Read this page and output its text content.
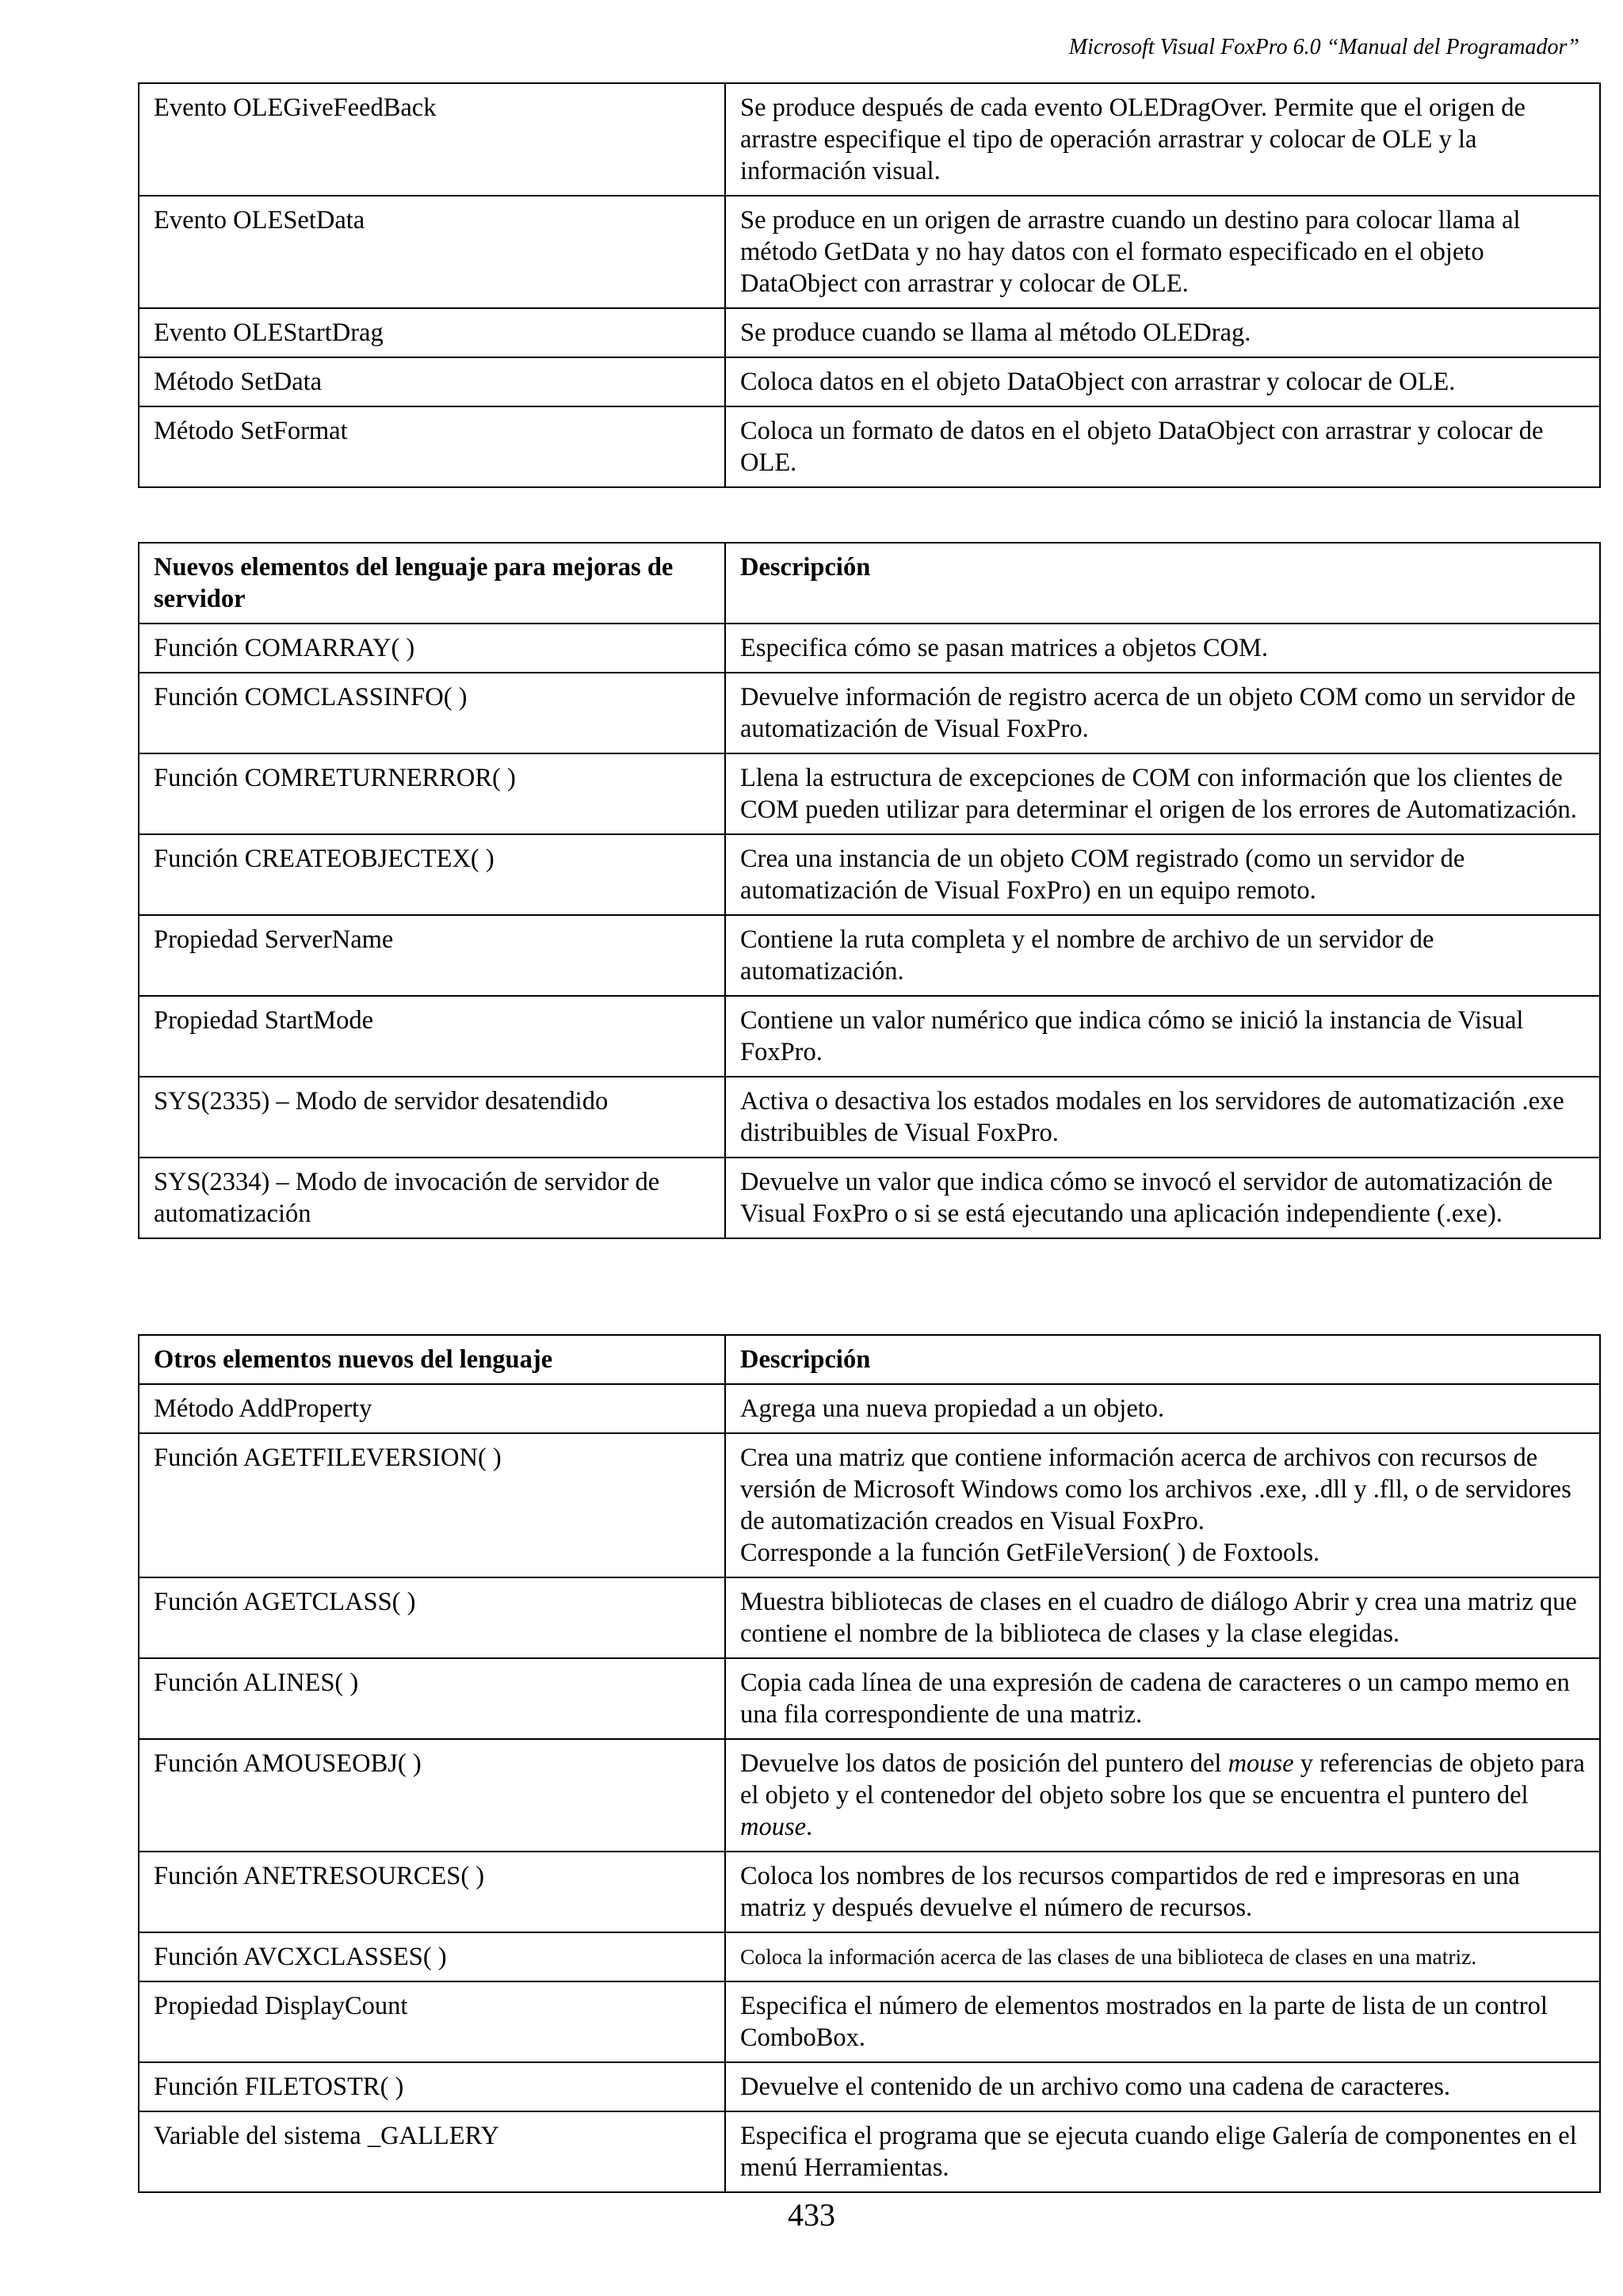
Microsoft Visual FoxPro 6.0 “Manual del Programador”
Evento OLEGiveFeedBack	Se produce después de cada evento OLEDragOver. Permite que el origen de arrastre especifique el tipo de operación arrastrar y colocar de OLE y la información visual.
Evento OLESetData	Se produce en un origen de arrastre cuando un destino para colocar llama al método GetData y no hay datos con el formato especificado en el objeto DataObject con arrastrar y colocar de OLE.
Evento OLEStartDrag	Se produce cuando se llama al método OLEDrag.
Método SetData	Coloca datos en el objeto DataObject con arrastrar y colocar de OLE.
Método SetFormat	Coloca un formato de datos en el objeto DataObject con arrastrar y colocar de OLE.
Nuevos elementos del lenguaje para mejoras de servidor	Descripción
Función COMARRAY( )	Especifica cómo se pasan matrices a objetos COM.
Función COMCLASSINFO( )	Devuelve información de registro acerca de un objeto COM como un servidor de automatización de Visual FoxPro.
Función COMRETURNERROR( )	Llena la estructura de excepciones de COM con información que los clientes de COM pueden utilizar para determinar el origen de los errores de Automatización.
Función CREATEOBJECTEX( )	Crea una instancia de un objeto COM registrado (como un servidor de automatización de Visual FoxPro) en un equipo remoto.
Propiedad ServerName	Contiene la ruta completa y el nombre de archivo de un servidor de automatización.
Propiedad StartMode	Contiene un valor numérico que indica cómo se inició la instancia de Visual FoxPro.
SYS(2335) – Modo de servidor desatendido	Activa o desactiva los estados modales en los servidores de automatización .exe distribuibles de Visual FoxPro.
SYS(2334) – Modo de invocación de servidor de automatización	Devuelve un valor que indica cómo se invocó el servidor de automatización de Visual FoxPro o si se está ejecutando una aplicación independiente (.exe).
Otros elementos nuevos del lenguaje	Descripción
Método AddProperty	Agrega una nueva propiedad a un objeto.
Función AGETFILEVERSION( )	Crea una matriz que contiene información acerca de archivos con recursos de versión de Microsoft Windows como los archivos .exe, .dll y .fll, o de servidores de automatización creados en Visual FoxPro.
Corresponde a la función GetFileVersion( ) de Foxtools.

Función AGETCLASS( )	Muestra bibliotecas de clases en el cuadro de diálogo Abrir y crea una matriz que contiene el nombre de la biblioteca de clases y la clase elegidas.
Función ALINES( )	Copia cada línea de una expresión de cadena de caracteres o un campo memo en una fila correspondiente de una matriz.
Función AMOUSEOBJ( )	Devuelve los datos de posición del puntero del mouse y referencias de objeto para el objeto y el contenedor del objeto sobre los que se encuentra el puntero del mouse.
Función ANETRESOURCES( )	Coloca los nombres de los recursos compartidos de red e impresoras en una matriz y después devuelve el número de recursos.
Función AVCXCLASSES( )	Coloca la información acerca de las clases de una biblioteca de clases en una matriz.
Propiedad DisplayCount	Especifica el número de elementos mostrados en la parte de lista de un control ComboBox.
Función FILETOSTR( )	Devuelve el contenido de un archivo como una cadena de caracteres.
Variable del sistema _GALLERY	Especifica el programa que se ejecuta cuando elige Galería de componentes en el menú Herramientas.
433
